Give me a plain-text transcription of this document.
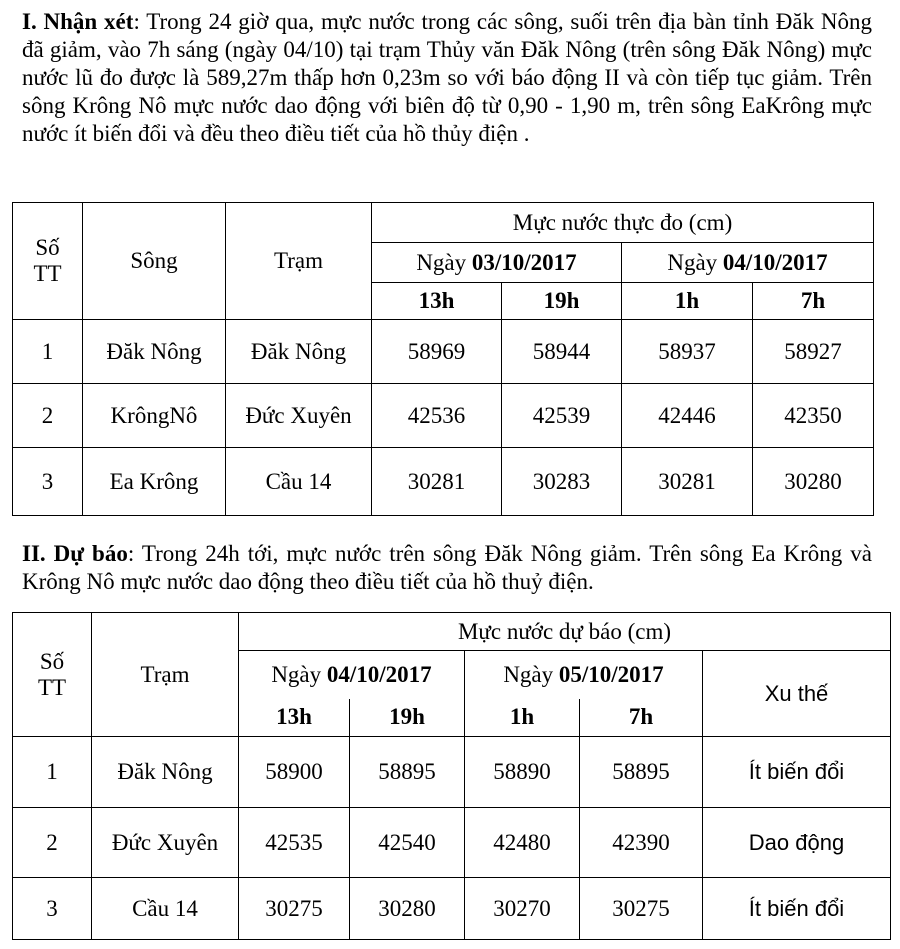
I. Nhận xét: Trong 24 giờ qua, mực nước trong các sông, suối trên địa bàn tỉnh Đăk Nông đã giảm, vào 7h sáng (ngày 04/10) tại trạm Thủy văn Đăk Nông (trên sông Đăk Nông) mực nước lũ đo được là 589,27m thấp hơn 0,23m so với báo động II và còn tiếp tục giảm. Trên sông Krông Nô mực nước dao động với biên độ từ 0,90 - 1,90 m, trên sông EaKrông mực nước ít biến đổi và đều theo điều tiết của hồ thủy điện .
Số
TT	Sông	Trạm	Mực nước thực đo (cm)			
			Ngày 03/10/2017		Ngày 04/10/2017	
			13h	19h	1h	7h
1	Đăk Nông	Đăk Nông	58969	58944	58937	58927
2	KrôngNô	Đức Xuyên	42536	42539	42446	42350
3	Ea Krông	Cầu 14	30281	30283	30281	30280
II. Dự báo: Trong 24h tới, mực nước trên sông Đăk Nông giảm. Trên sông Ea Krông và Krông Nô mực nước dao động theo điều tiết của hồ thuỷ điện.
Số
TT	Trạm	Mực nước dự báo (cm)				
		Ngày 04/10/2017		Ngày 05/10/2017		Xu thế
		13h	19h	1h	7h	
1	Đăk Nông	58900	58895	58890	58895	Ít biến đổi
2	Đức Xuyên	42535	42540	42480	42390	Dao động
3	Cầu 14	30275	30280	30270	30275	Ít biến đổi
